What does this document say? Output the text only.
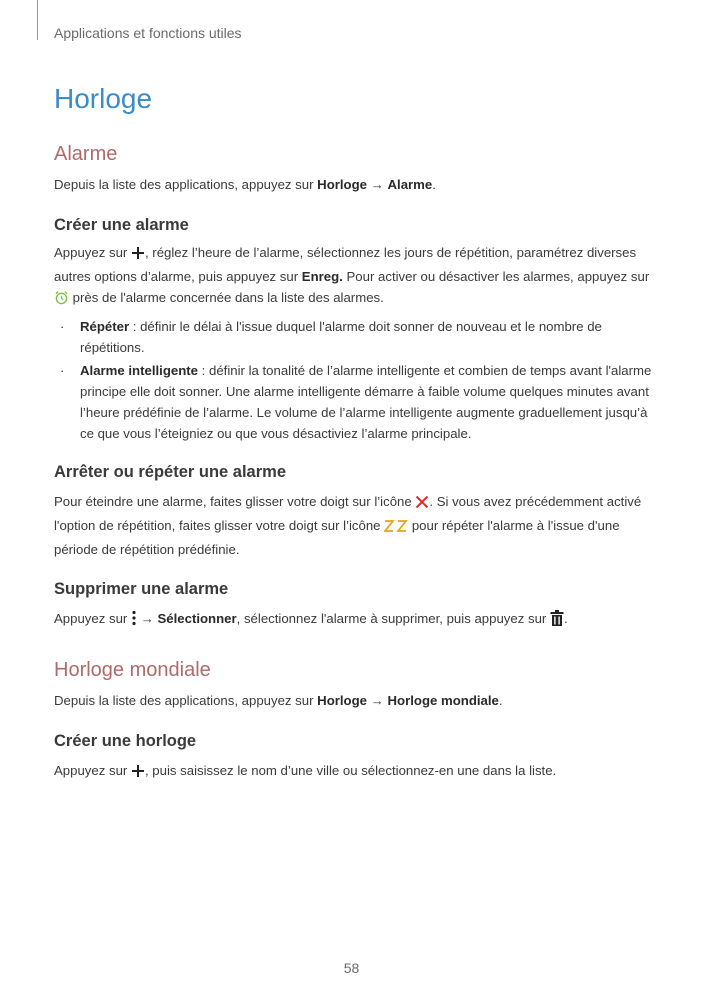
Applications et fonctions utiles
Horloge
Alarme

Depuis la liste des applications, appuyez sur Horloge → Alarme.

Créer une alarme

Appuyez sur , réglez l’heure de l’alarme, sélectionnez les jours de répétition, paramétrez diverses autres options d’alarme, puis appuyez sur Enreg. Pour activer ou désactiver les alarmes, appuyez sur  près de l'alarme concernée dans la liste des alarmes.

· Répéter : définir le délai à l'issue duquel l'alarme doit sonner de nouveau et le nombre de répétitions.
· Alarme intelligente : définir la tonalité de l’alarme intelligente et combien de temps avant l'alarme principe elle doit sonner. Une alarme intelligente démarre à faible volume quelques minutes avant l’heure prédéfinie de l’alarme. Le volume de l’alarme intelligente augmente graduellement jusqu’à ce que vous l’éteigniez ou que vous désactiviez l’alarme principale.
Arrêter ou répéter une alarme

Pour éteindre une alarme, faites glisser votre doigt sur l’icône . Si vous avez précédemment activé l'option de répétition, faites glisser votre doigt sur l’icône  pour répéter l'alarme à l'issue d'une période de répétition prédéfinie.

Supprimer une alarme

Appuyez sur  → Sélectionner, sélectionnez l'alarme à supprimer, puis appuyez sur .

Horloge mondiale

Depuis la liste des applications, appuyez sur Horloge → Horloge mondiale.

Créer une horloge

Appuyez sur , puis saisissez le nom d’une ville ou sélectionnez-en une dans la liste.

58
